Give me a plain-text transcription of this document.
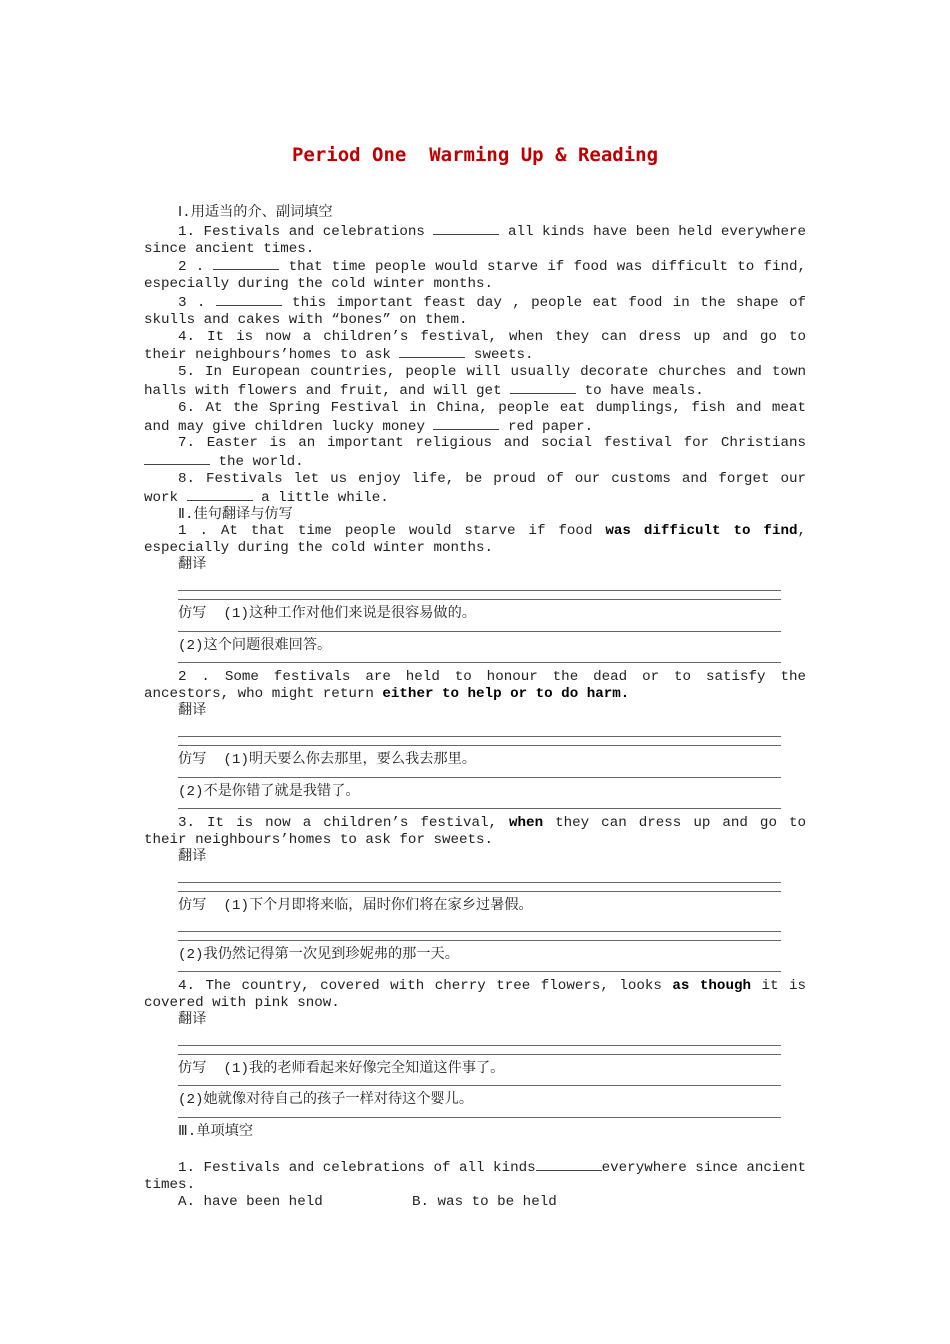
Period One  Warming Up & Reading

Ⅰ.用适当的介、副词填空

1. Festivals and celebrations	all kinds have been held everywhere since ancient times.

2 .	that time people would starve if food was difficult to find, especially during the cold winter months.

3 .	this important feast day , people eat food in the shape of skulls and cakes with “bones” on them.

4. It is now a children’s festival, when they can dress up and go to their neighbours’homes to ask	sweets.

5. In European countries, people will usually decorate churches and town halls with flowers and fruit, and will get	to have meals.

6. At the Spring Festival in China, people eat dumplings, fish and meat and may give children lucky money	red paper.

7. Easter is an important religious and social festival for Christians  the world.

8. Festivals let us enjoy life, be proud of our customs and forget our work	a little while.

Ⅱ.佳句翻译与仿写

1 . At that time people would starve if food was difficult to find, especially during the cold winter months.

翻译

仿写 (1)这种工作对他们来说是很容易做的。

(2)这个问题很难回答。

2 . Some festivals are held to honour the dead or to satisfy the ancestors, who might return either to help or to do harm.

翻译

仿写 (1)明天要么你去那里，要么我去那里。

(2)不是你错了就是我错了。

3. It is now a children’s festival, when they can dress up and go to their neighbours’homes to ask for sweets.

翻译

仿写 (1)下个月即将来临，届时你们将在家乡过暑假。

(2)我仍然记得第一次见到珍妮弗的那一天。

4. The country, covered with cherry tree flowers, looks as though it is covered with pink snow.

翻译

仿写 (1)我的老师看起来好像完全知道这件事了。

(2)她就像对待自己的孩子一样对待这个婴儿。

Ⅲ.单项填空

1. Festivals and celebrations of all kinds	everywhere since ancient times.

A. have been held	B. was to be held
